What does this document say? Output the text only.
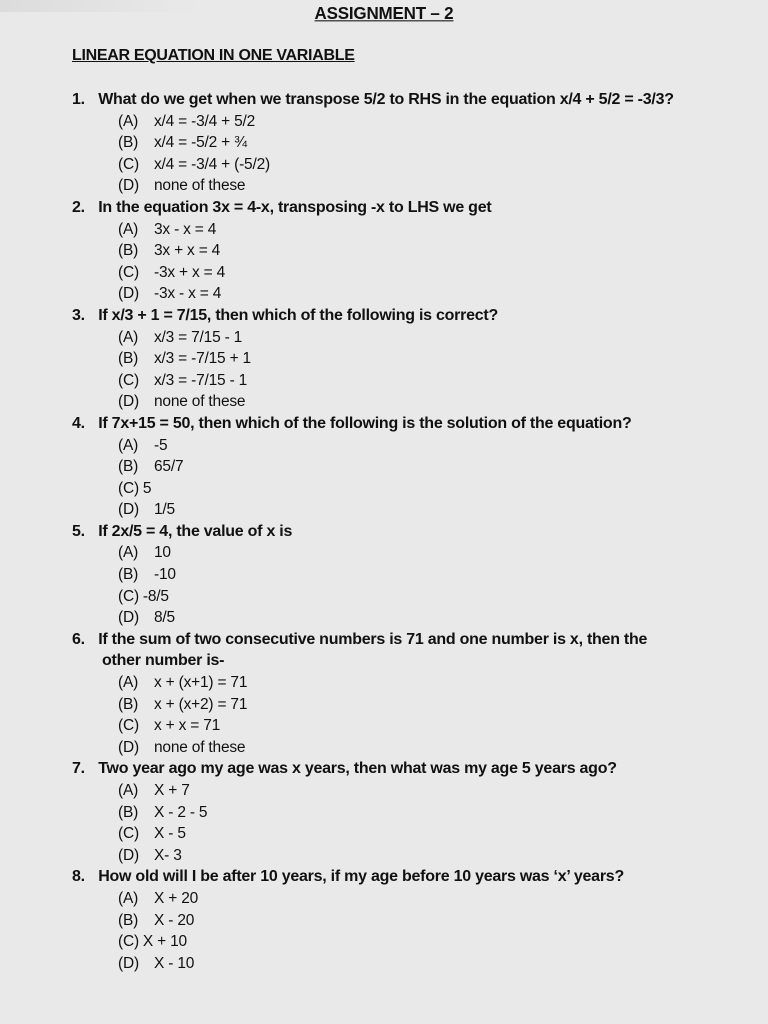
ASSIGNMENT – 2
LINEAR EQUATION IN ONE VARIABLE
1. What do we get when we transpose 5/2 to RHS in the equation x/4 + 5/2 = -3/3?
(A) x/4 = -3/4 + 5/2
(B) x/4 = -5/2 + ¾
(C) x/4 = -3/4 + (-5/2)
(D) none of these
2. In the equation 3x = 4-x, transposing -x to LHS we get
(A) 3x - x = 4
(B) 3x + x = 4
(C) -3x + x = 4
(D) -3x - x = 4
3. If x/3 + 1 = 7/15, then which of the following is correct?
(A) x/3 = 7/15 - 1
(B) x/3 = -7/15 + 1
(C) x/3 = -7/15 - 1
(D) none of these
4. If 7x+15 = 50, then which of the following is the solution of the equation?
(A) -5
(B) 65/7
(C) 5
(D) 1/5
5. If 2x/5 = 4, the value of x is
(A) 10
(B) -10
(C) -8/5
(D) 8/5
6. If the sum of two consecutive numbers is 71 and one number is x, then the
other number is-
(A) x + (x+1) = 71
(B) x + (x+2) = 71
(C) x + x = 71
(D) none of these
7. Two year ago my age was x years, then what was my age 5 years ago?
(A) X + 7
(B) X - 2 - 5
(C) X - 5
(D) X- 3
8. How old will I be after 10 years, if my age before 10 years was ‘x’ years?
(A) X + 20
(B) X - 20
(C) X + 10
(D) X - 10
